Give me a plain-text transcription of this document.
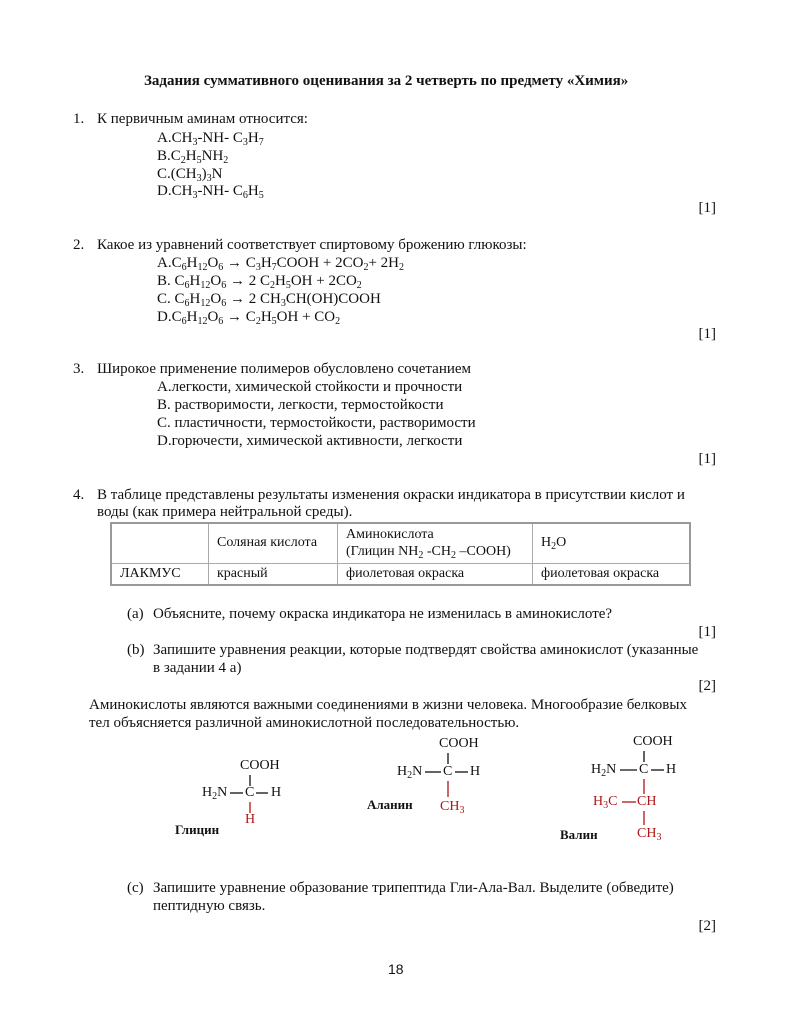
Задания суммативного оценивания за 2 четверть по предмету «Химия»
1. К первичным аминам относится:
$A.CH_3-NH-$ $C_3H_7$
$B.C_2H_5NH_2$
$C.(CH_3)_3N$
$D.CH_3-NH-$ $C_6H_5$
[1]
2. Какое из уравнений соответствует спиртовому брожению глюкозы:
$A.C_6H_{12}O_6$ → $C_3H_7COOH + 2CO_2+ 2H_2$
B. $C_6H_{12}O_6 \to 2$ $C_2H_5OH + 2CO_2$
C. $C_6H_{12}O_6 \to 2$ $CH_3CH(OH)COOH$
$D.C_6H_{12}O_6 \to C_2H_5OH + CO_2$
[1]
3. Широкое применение полимеров обусловлено сочетанием
A.легкости, химической стойкости и прочности
B. растворимости, легкости, термостойкости
C. пластичности, термостойкости, растворимости
D.горючести, химической активности, легкости
[1]
4. В таблице представлены результаты изменения окраски индикатора в присутствии кислот и
воды (как примера нейтральной среды).
	Соляная кислота	Аминокислота
(Глицин $NH_2$ $-CH_2$ –COOH)	$H_2O$
ЛАКМУС	красный	фиолетовая окраска	фиолетовая окраска
(a) Объясните, почему окраска индикатора не изменилась в аминокислоте?
[1]
(b) Запишите уравнения реакции, которые подтвердят свойства аминокислот (указанные
в задании 4 а)
[2]
Аминокислоты являются важными соединениями в жизни человека. Многообразие белковых
тел объясняется различной аминокислотной последовательностью.
COOH
$H_2N$ C H
H
Глицин
COOH
$H_2N$ C H
$CH_3$
Аланин
COOH
$H_2N$ C H
$H_3C$ CH
$CH_3$
Валин
(c) Запишите уравнение образование трипептида Гли-Ала-Вал. Выделите (обведите)
пептидную связь.
[2]
18
